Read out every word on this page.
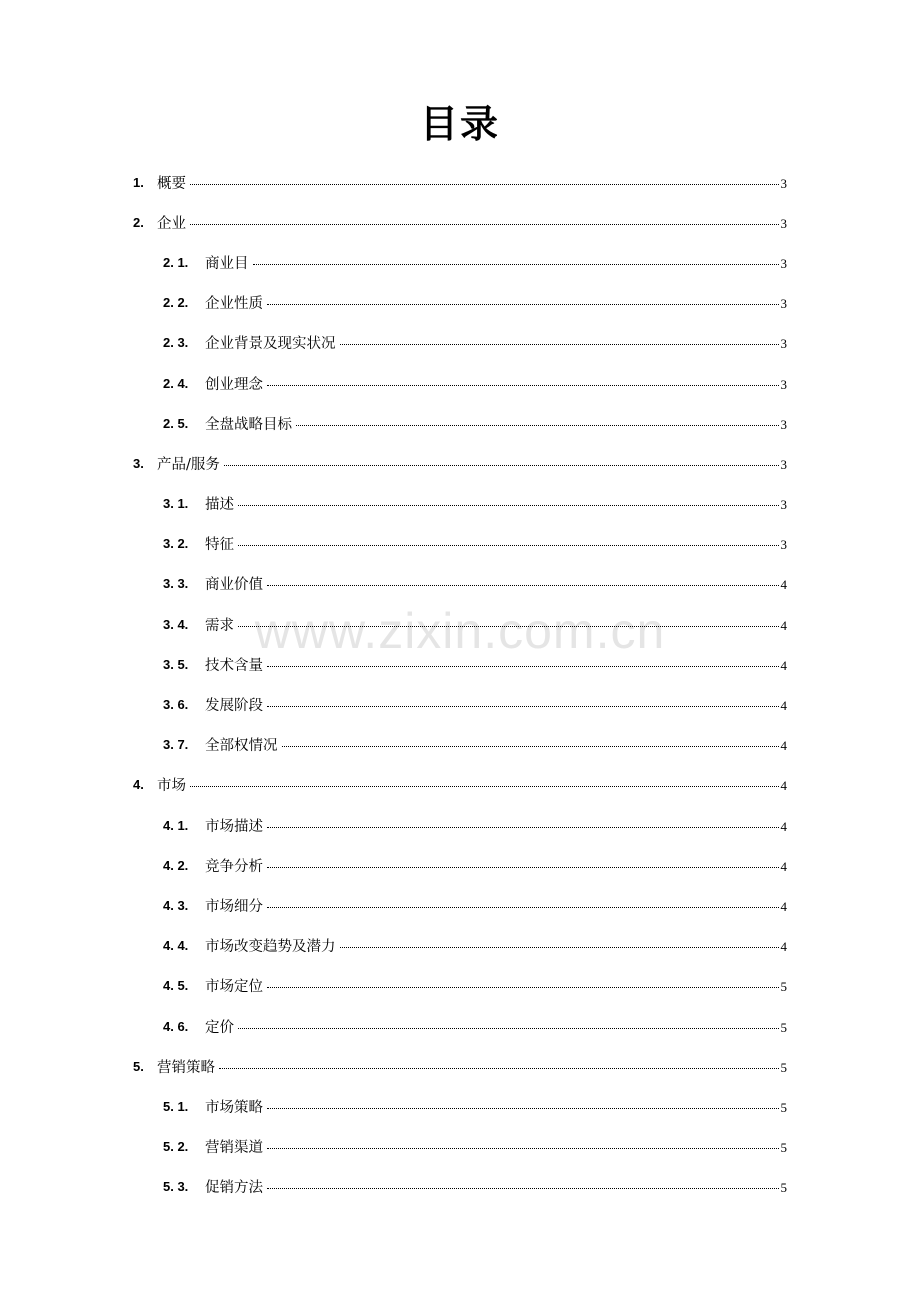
目录
www.zixin.com.cn
1. 概要	3
2. 企业	3
2. 1. 商业目	3
2. 2. 企业性质	3
2. 3. 企业背景及现实状况	3
2. 4. 创业理念	3
2. 5. 全盘战略目标	3
3. 产品/服务	3
3. 1. 描述	3
3. 2. 特征	3
3. 3. 商业价值	4
3. 4. 需求	4
3. 5. 技术含量	4
3. 6. 发展阶段	4
3. 7. 全部权情况	4
4. 市场	4
4. 1. 市场描述	4
4. 2. 竞争分析	4
4. 3. 市场细分	4
4. 4. 市场改变趋势及潜力	4
4. 5. 市场定位	5
4. 6. 定价	5
5. 营销策略	5
5. 1. 市场策略	5
5. 2. 营销渠道	5
5. 3. 促销方法	5
